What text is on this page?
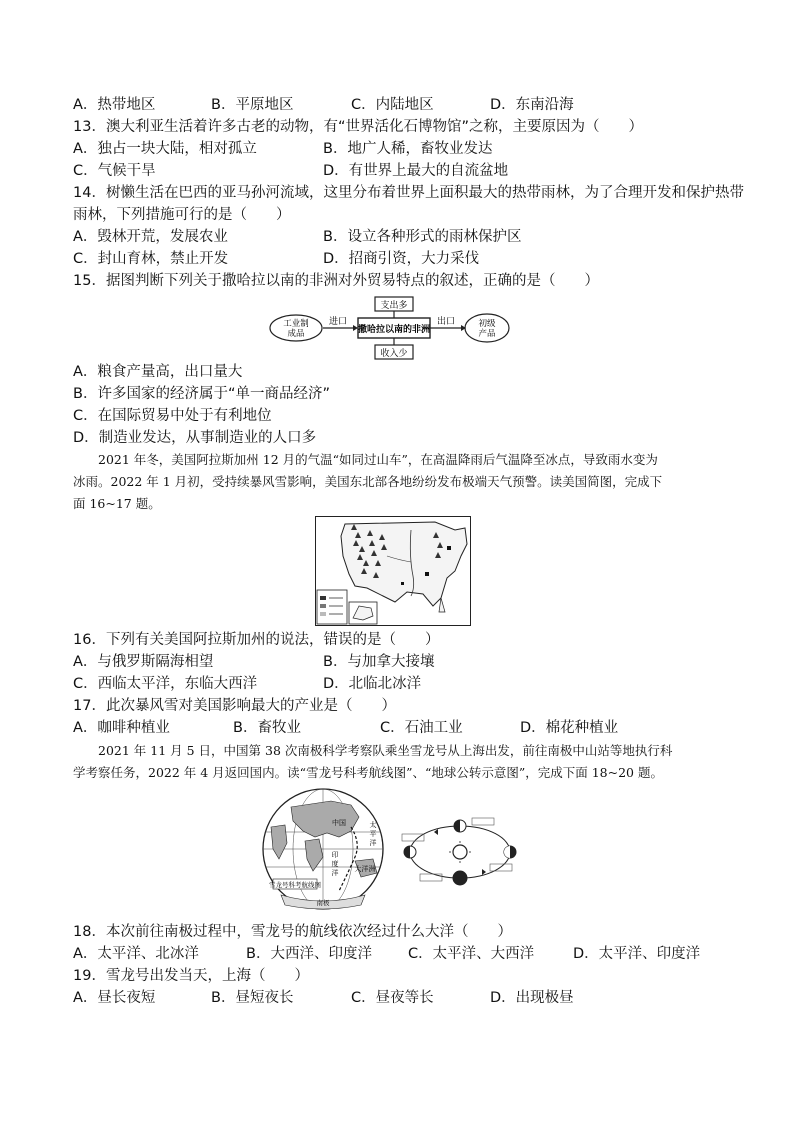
A．热带地区	B．平原地区	C．内陆地区	D．东南沿海
13．澳大利亚生活着许多古老的动物，有“世界活化石博物馆”之称，主要原因为（　　）
A．独占一块大陆，相对孤立	B．地广人稀，畜牧业发达
C．气候干旱	D．有世界上最大的自流盆地
14．树懒生活在巴西的亚马孙河流域，这里分布着世界上面积最大的热带雨林，为了合理开发和保护热带
雨林，下列措施可行的是（　　）
A．毁林开荒，发展农业	B．设立各种形式的雨林保护区
C．封山育林，禁止开发	D．招商引资，大力采伐
15．据图判断下列关于撒哈拉以南的非洲对外贸易特点的叙述，正确的是（　　）
工业制
成品
进口
撒哈拉以南的非洲
支出多
收入少
出口	初级
产品
A．粮食产量高，出口量大
B．许多国家的经济属于“单一商品经济”
C．在国际贸易中处于有利地位
D．制造业发达，从事制造业的人口多
　　2021 年冬，美国阿拉斯加州 12 月的气温“如同过山车”，在高温降雨后气温降至冰点，导致雨水变为
冰雨。2022 年 1 月初，受持续暴风雪影响，美国东北部各地纷纷发布极端天气预警。读美国简图，完成下
面 16~17 题。
16．下列有关美国阿拉斯加州的说法，错误的是（　　）
A．与俄罗斯隔海相望	B．与加拿大接壤
C．西临太平洋，东临大西洋	D．北临北冰洋
17．此次暴风雪对美国影响最大的产业是（　　）
A．咖啡种植业	B．畜牧业	C．石油工业	D．棉花种植业
　　2021 年 11 月 5 日，中国第 38 次南极科学考察队乘坐雪龙号从上海出发，前往南极中山站等地执行科
学考察任务，2022 年 4 月返回国内。读“雪龙号科考航线图”、“地球公转示意图”，完成下面 18~20 题。
中国	太
平
洋
印
度
洋 大洋洲
雪龙号科考航线图
南极
18．本次前往南极过程中，雪龙号的航线依次经过什么大洋（　　）
A．太平洋、北冰洋	B．大西洋、印度洋 C．太平洋、大西洋	D．太平洋、印度洋
19．雪龙号出发当天，上海（　　）
A．昼长夜短	B．昼短夜长	C．昼夜等长	D．出现极昼
